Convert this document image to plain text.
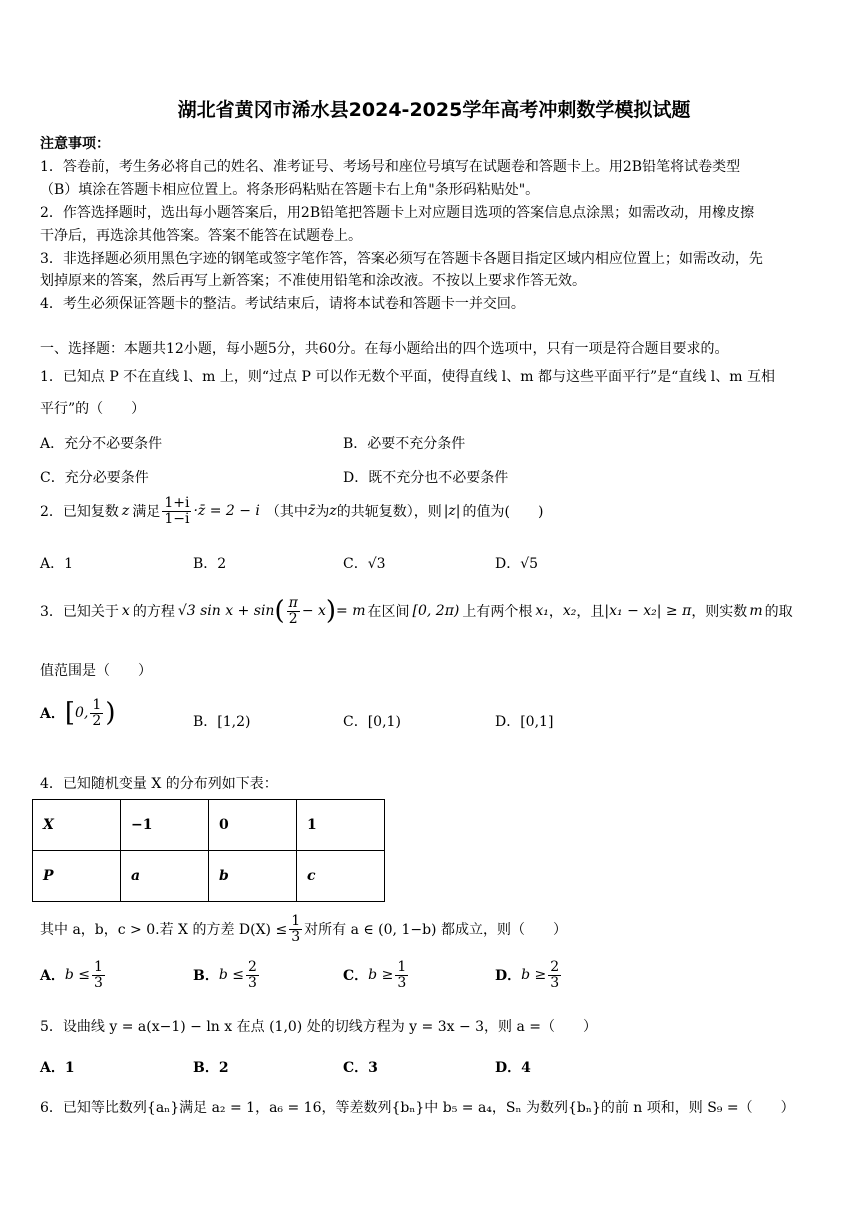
湖北省黄冈市浠水县2024-2025学年高考冲刺数学模拟试题
注意事项：
1．答卷前，考生务必将自己的姓名、准考证号、考场号和座位号填写在试题卷和答题卡上。用2B铅笔将试卷类型
（B）填涂在答题卡相应位置上。将条形码粘贴在答题卡右上角"条形码粘贴处"。
2．作答选择题时，选出每小题答案后，用2B铅笔把答题卡上对应题目选项的答案信息点涂黑；如需改动，用橡皮擦
干净后，再选涂其他答案。答案不能答在试题卷上。
3．非选择题必须用黑色字迹的钢笔或签字笔作答，答案必须写在答题卡各题目指定区域内相应位置上；如需改动，先
划掉原来的答案，然后再写上新答案；不准使用铅笔和涂改液。不按以上要求作答无效。
4．考生必须保证答题卡的整洁。考试结束后，请将本试卷和答题卡一并交回。
一、选择题：本题共12小题，每小题5分，共60分。在每小题给出的四个选项中，只有一项是符合题目要求的。
1．已知点 P 不在直线 l、m 上，则“过点 P 可以作无数个平面，使得直线 l、m 都与这些平面平行”是“直线 l、m 互相
平行”的（　　）
A．充分不必要条件	B．必要不充分条件
C．充分必要条件	D．既不充分也不必要条件
2．已知复数 z 满足 $\frac{1+i}{1-i}$ ·z̄ = 2 − i （其中 z̄ 为 z 的共轭复数），则 |z| 的值为(　　)
A．1	B．2	C．√3	D．√5
3．已知关于 x 的方程 √3 sin x + sin ( $\frac{\pi}{2} - x$ ) = m 在区间 [0, 2π) 上有两个根 x₁ ， x₂ ，且 |x₁ − x₂| ≥ π ，则实数 m 的取
值范围是（　　）
A． [ 0, $\frac{1}{2}$ )	B．[1,2)	C．[0,1)	D．[0,1]
4．已知随机变量 X 的分布列如下表：
X	−1	0	1
P	a	b	c
其中 a，b，c > 0.若 X 的方差 $D(X) \le \frac{1}{3}$ 对所有 a ∈ (0, 1−b) 都成立，则（　　）
A． $b \le \frac{1}{3}$	B． $b \le \frac{2}{3}$	C． $b \ge \frac{1}{3}$	D． $b \ge \frac{2}{3}$
5．设曲线 y = a(x−1) − ln x 在点 (1,0) 处的切线方程为 y = 3x − 3，则 a =（　　）
A．1	B．2	C．3	D．4
6．已知等比数列{aₙ}满足 a₂ = 1，a₆ = 16，等差数列{bₙ}中 b₅ = a₄，Sₙ 为数列{bₙ}的前 n 项和，则 S₉ =（　　）
